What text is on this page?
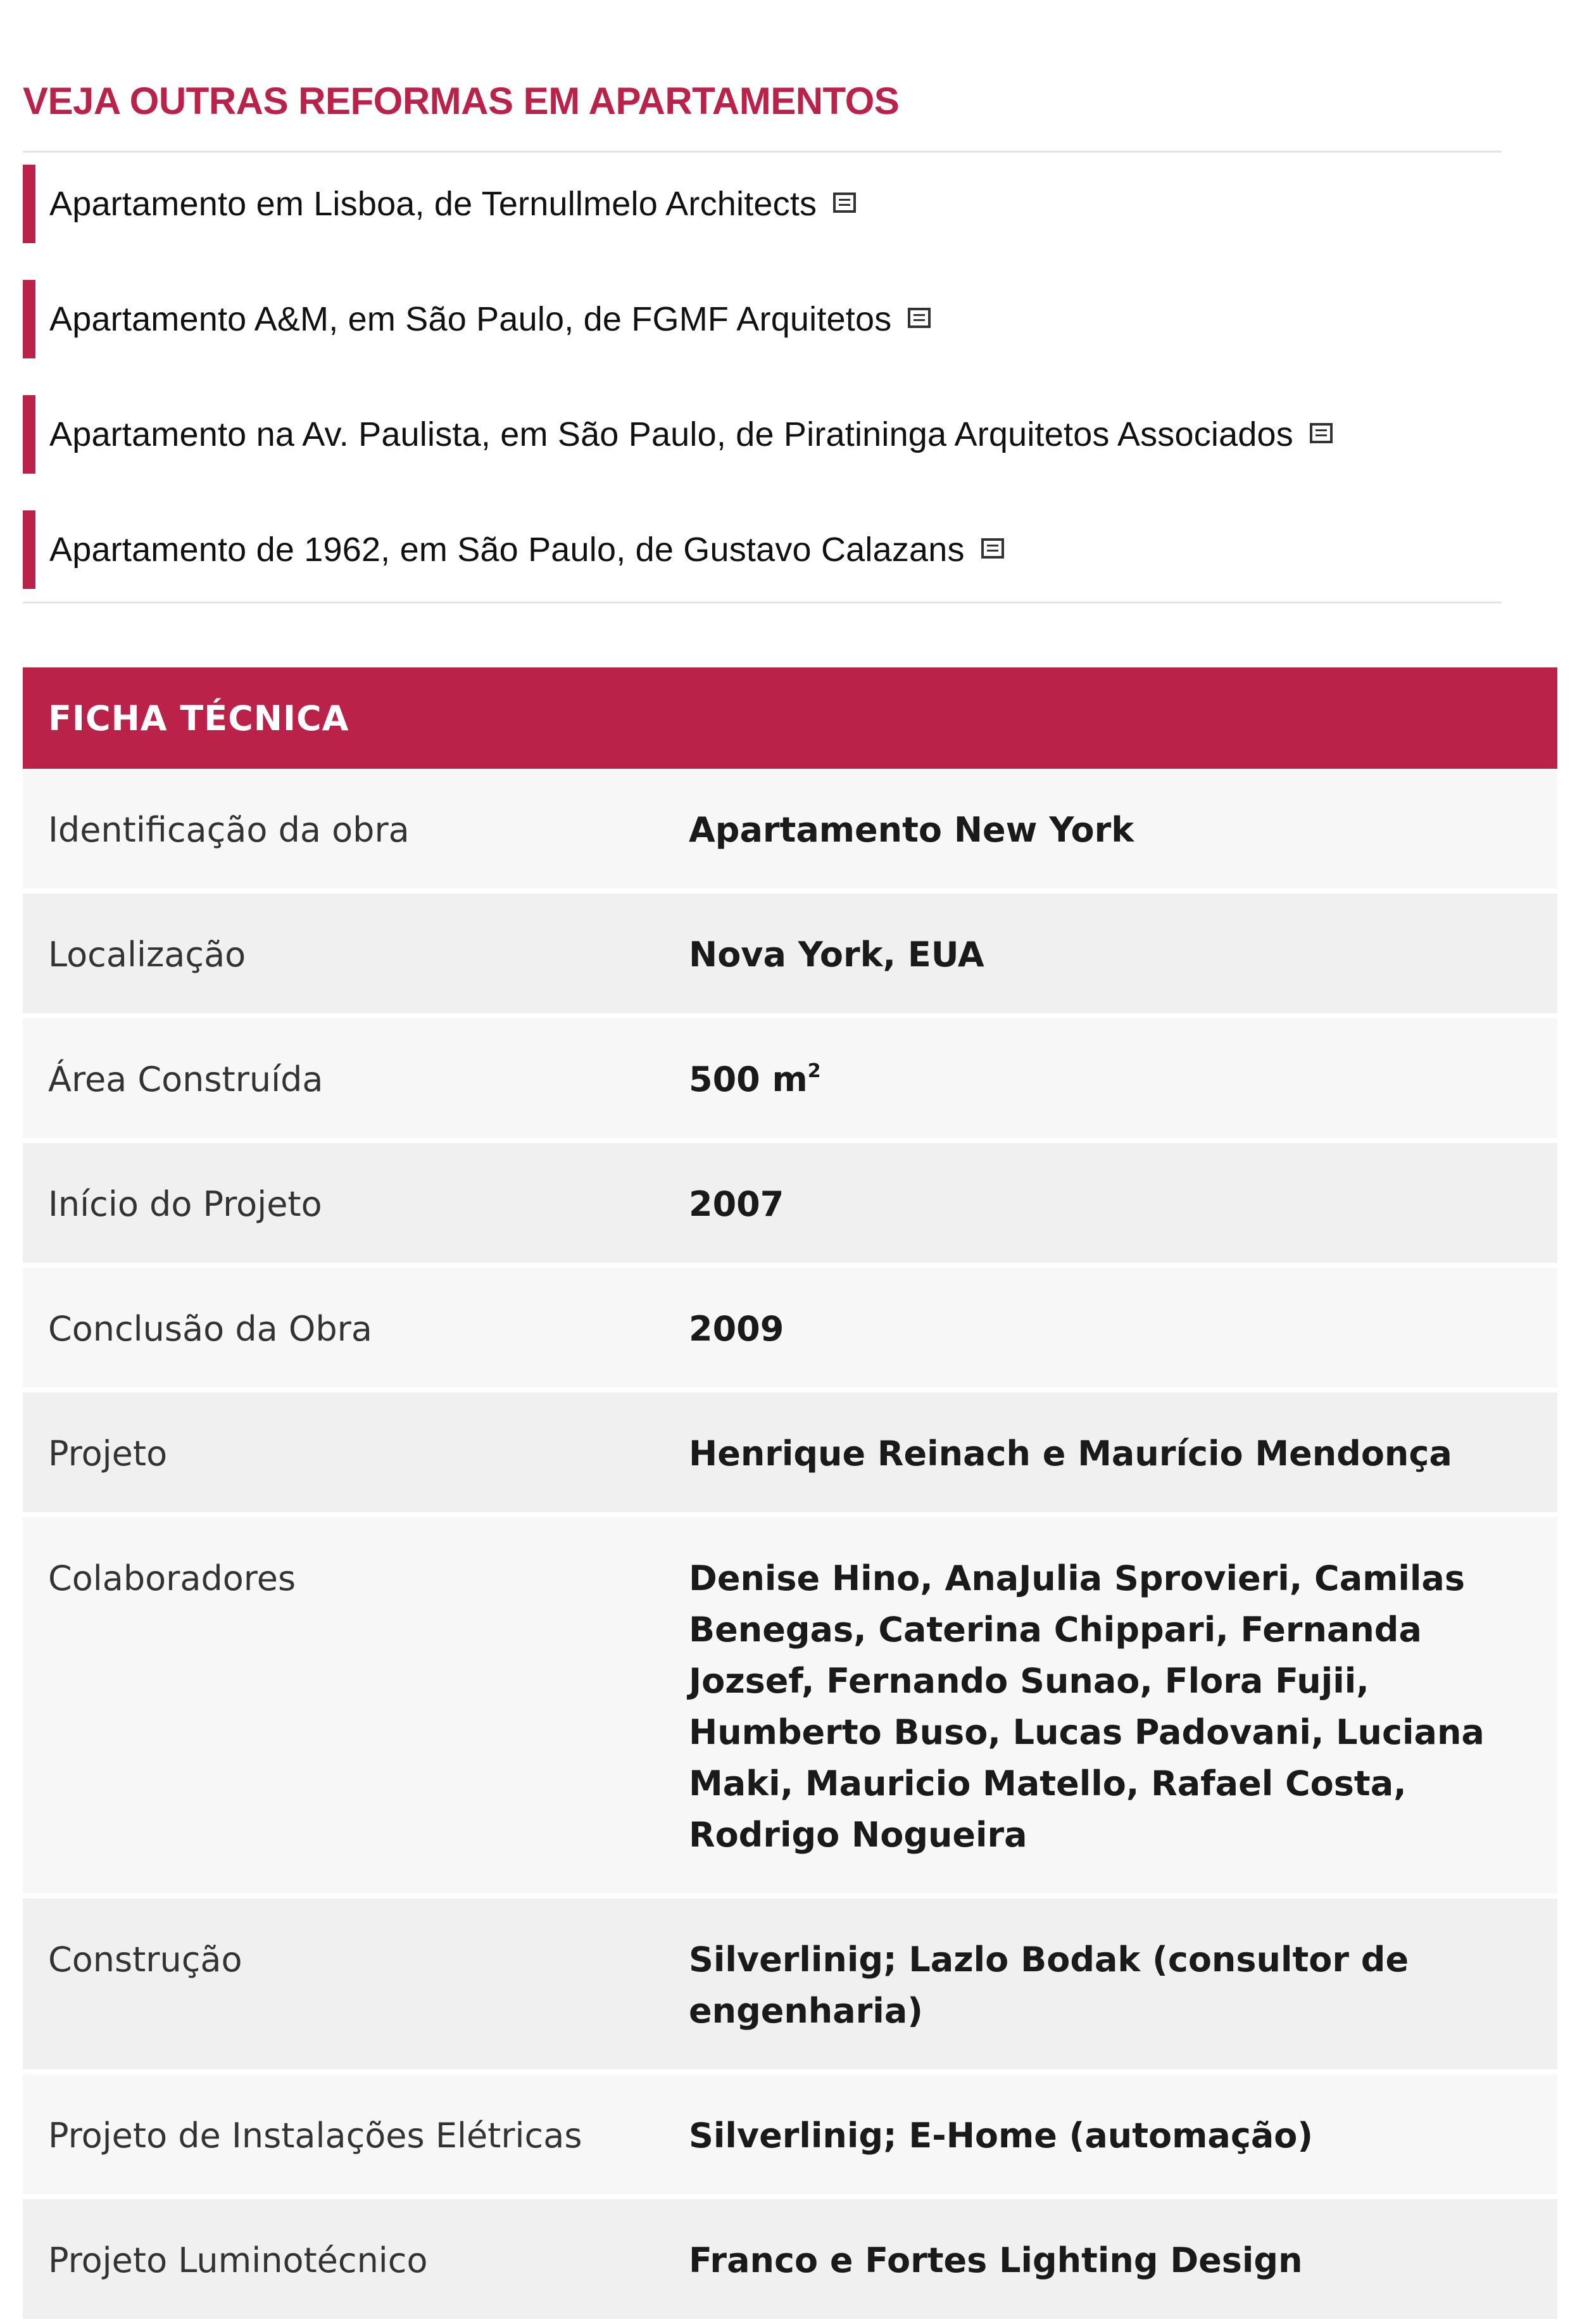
VEJA OUTRAS REFORMAS EM APARTAMENTOS
Apartamento em Lisboa, de Ternullmelo Architects
Apartamento A&M, em São Paulo, de FGMF Arquitetos
Apartamento na Av. Paulista, em São Paulo, de Piratininga Arquitetos Associados
Apartamento de 1962, em São Paulo, de Gustavo Calazans
FICHA TÉCNICA
Identificação da obra	Apartamento New York
Localização	Nova York, EUA
Área Construída	500 $m^2$
Início do Projeto	2007
Conclusão da Obra	2009
Projeto	Henrique Reinach e Maurício Mendonça
Colaboradores	Denise Hino, AnaJulia Sprovieri, Camilas Benegas, Caterina Chippari, Fernanda Jozsef, Fernando Sunao, Flora Fujii, Humberto Buso, Lucas Padovani, Luciana Maki, Mauricio Matello, Rafael Costa, Rodrigo Nogueira
Construção	Silverlinig; Lazlo Bodak (consultor de engenharia)
Projeto de Instalações Elétricas	Silverlinig; E-Home (automação)
Projeto Luminotécnico	Franco e Fortes Lighting Design
